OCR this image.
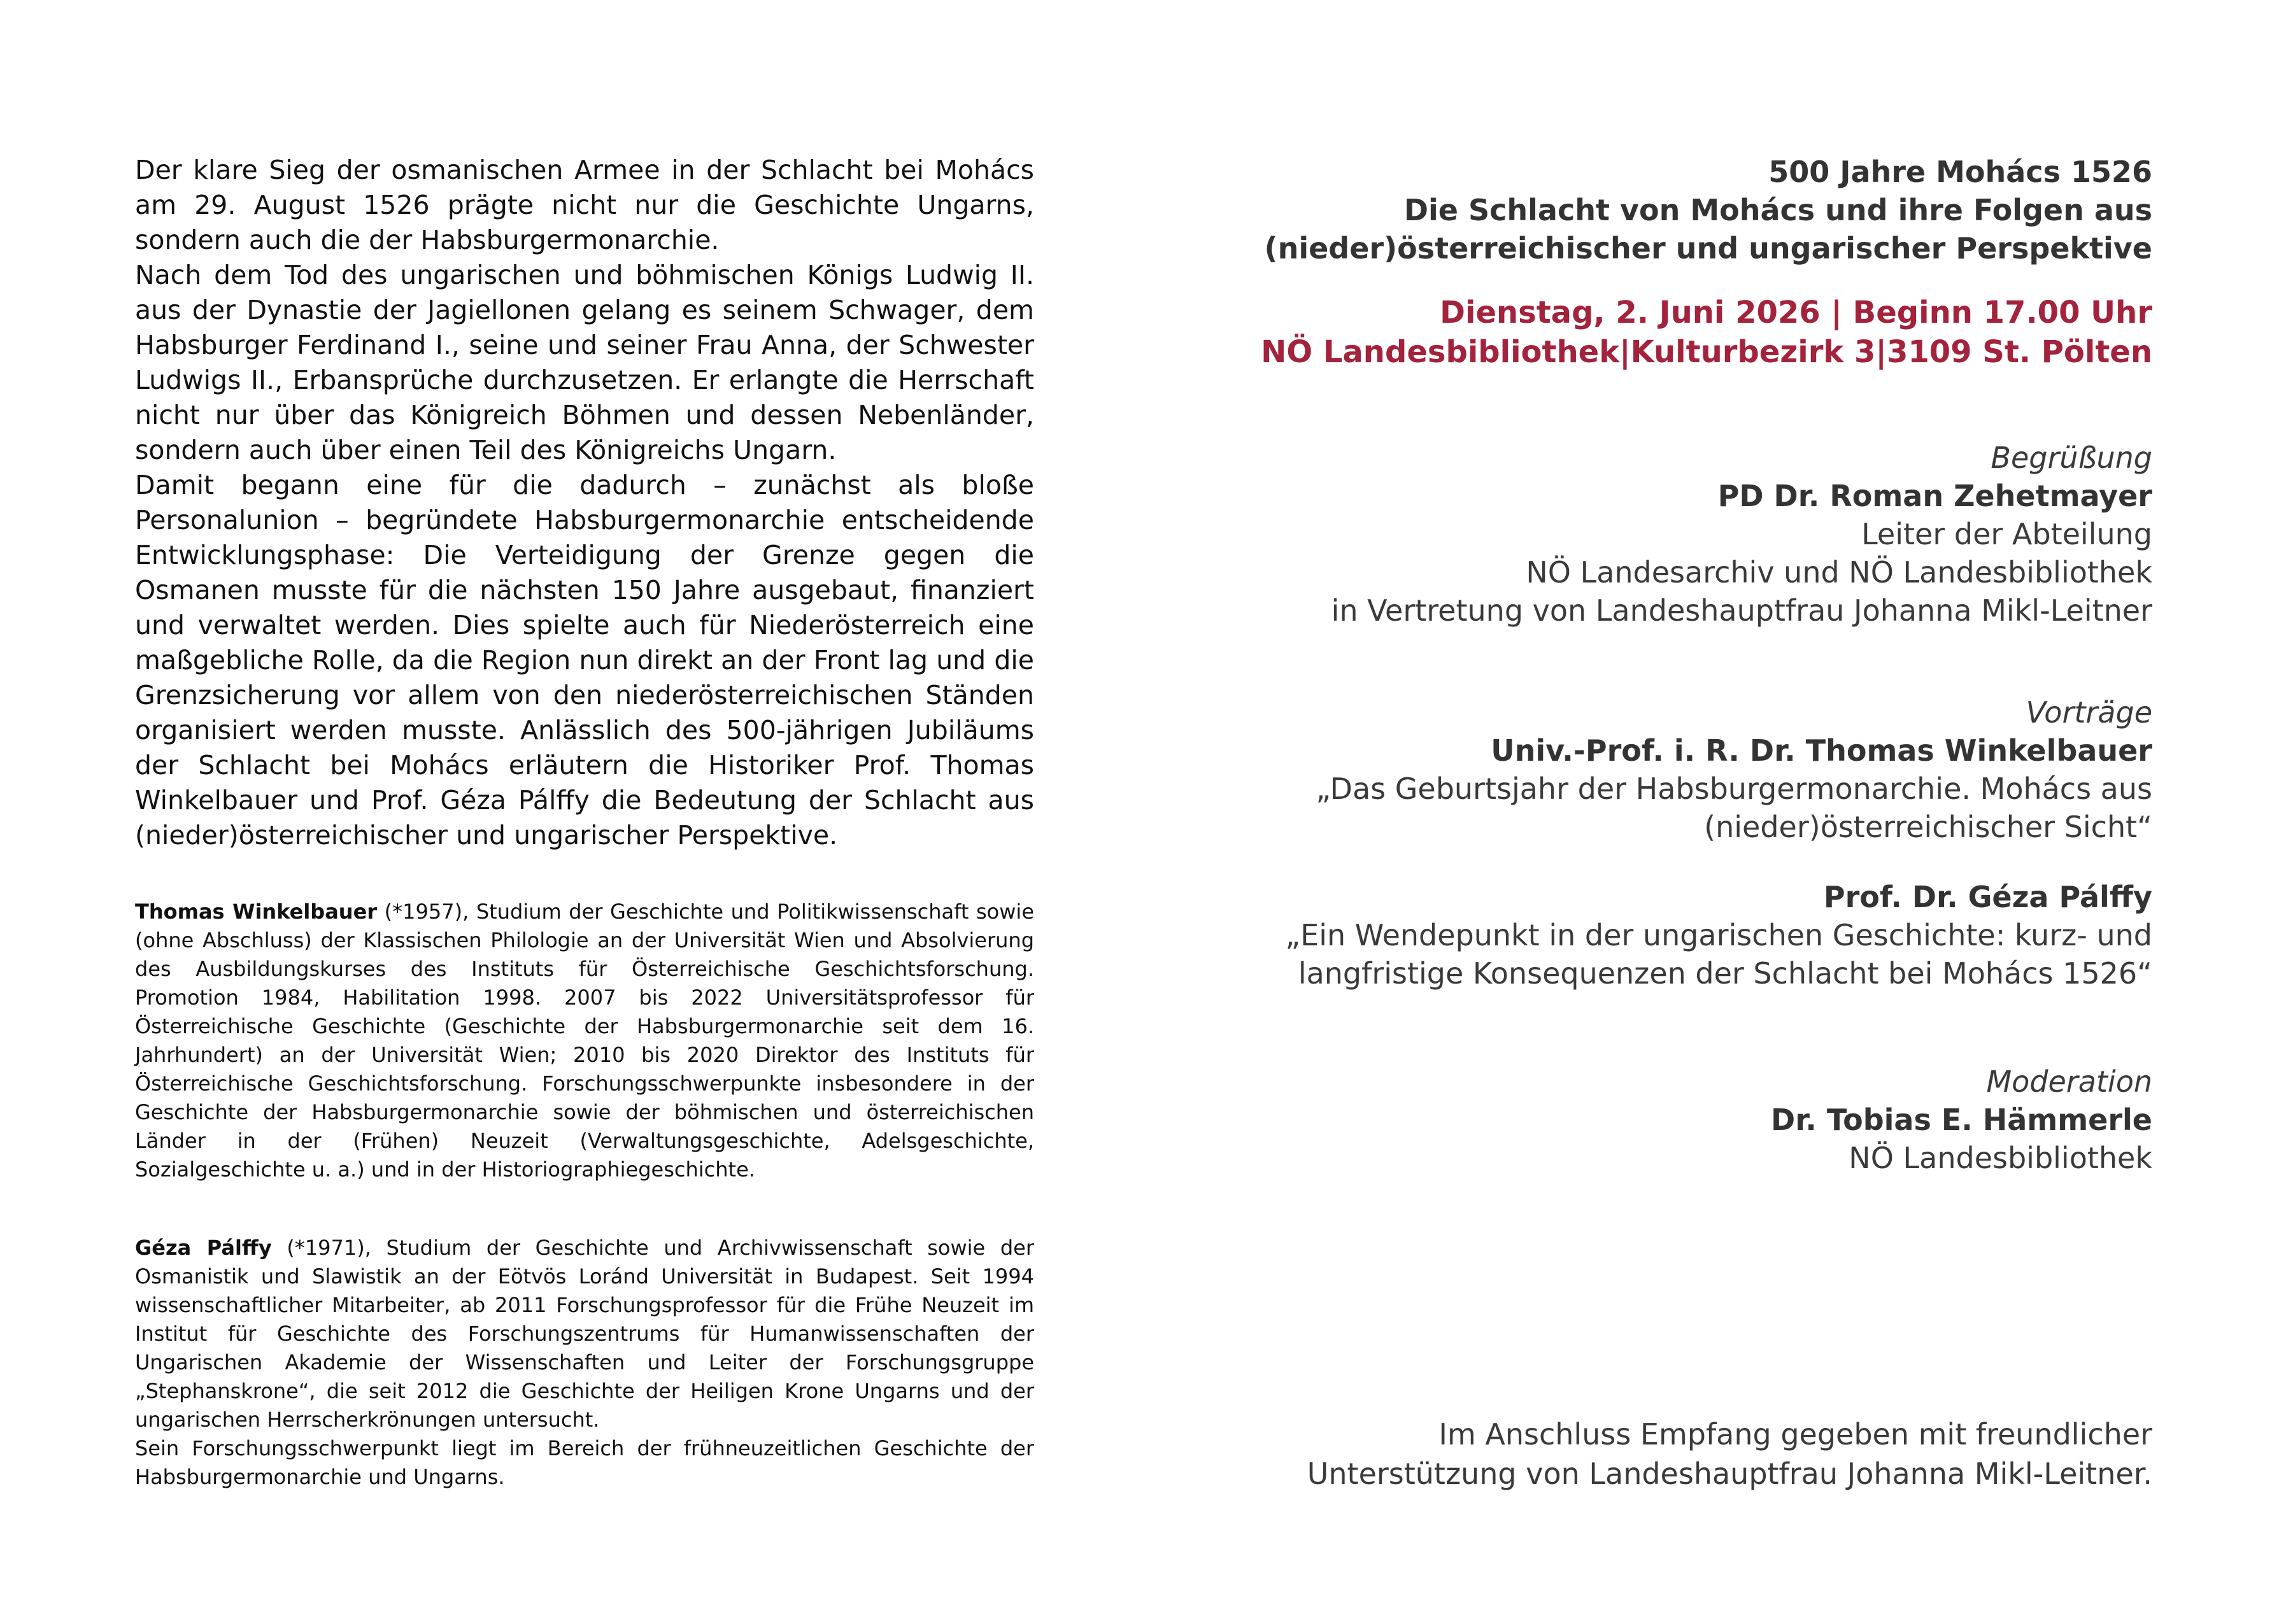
Der klare Sieg der osmanischen Armee in der Schlacht bei Mohács am 29. August 1526 prägte nicht nur die Geschichte Ungarns, sondern auch die der Habsburgermonarchie.

Nach dem Tod des ungarischen und böhmischen Königs Ludwig II. aus der Dynastie der Jagiellonen gelang es seinem Schwager, dem Habsburger Ferdinand I., seine und seiner Frau Anna, der Schwester Ludwigs II., Erbansprüche durchzusetzen. Er erlangte die Herrschaft nicht nur über das Königreich Böhmen und dessen Nebenländer, sondern auch über einen Teil des Königreichs Ungarn.

Damit begann eine für die dadurch – zunächst als bloße Personalunion – begründete Habsburgermonarchie entscheidende Entwicklungsphase: Die Verteidigung der Grenze gegen die Osmanen musste für die nächsten 150 Jahre ausgebaut, finanziert und verwaltet werden. Dies spielte auch für Niederösterreich eine maßgebliche Rolle, da die Region nun direkt an der Front lag und die Grenzsicherung vor allem von den niederösterreichischen Ständen organisiert werden musste. Anlässlich des 500-jährigen Jubiläums der Schlacht bei Mohács erläutern die Historiker Prof. Thomas Winkelbauer und Prof. Géza Pálffy die Bedeutung der Schlacht aus (nieder)österreichischer und ungarischer Perspektive.

Thomas Winkelbauer (*1957), Studium der Geschichte und Politikwissenschaft sowie (ohne Abschluss) der Klassischen Philologie an der Universität Wien und Absolvierung des Ausbildungskurses des Instituts für Österreichische Geschichtsforschung. Promotion 1984, Habilitation 1998. 2007 bis 2022 Universitätsprofessor für Österreichische Geschichte (Geschichte der Habsburgermonarchie seit dem 16. Jahrhundert) an der Universität Wien; 2010 bis 2020 Direktor des Instituts für Österreichische Geschichtsforschung. Forschungsschwerpunkte insbesondere in der Geschichte der Habsburgermonarchie sowie der böhmischen und österreichischen Länder in der (Frühen) Neuzeit (Verwaltungsgeschichte, Adelsgeschichte, Sozialgeschichte u. a.) und in der Historiographiegeschichte.

Géza Pálffy (*1971), Studium der Geschichte und Archivwissenschaft sowie der Osmanistik und Slawistik an der Eötvös Loránd Universität in Budapest. Seit 1994 wissenschaftlicher Mitarbeiter, ab 2011 Forschungsprofessor für die Frühe Neuzeit im Institut für Geschichte des Forschungszentrums für Humanwissenschaften der Ungarischen Akademie der Wissenschaften und Leiter der Forschungsgruppe „Stephanskrone“, die seit 2012 die Geschichte der Heiligen Krone Ungarns und der ungarischen Herrscherkrönungen untersucht.
Sein Forschungsschwerpunkt liegt im Bereich der frühneuzeitlichen Geschichte der Habsburgermonarchie und Ungarns.

500 Jahre Mohács 1526
Die Schlacht von Mohács und ihre Folgen aus
(nieder)österreichischer und ungarischer Perspektive
Dienstag, 2. Juni 2026 | Beginn 17.00 Uhr
NÖ Landesbibliothek|Kulturbezirk 3|3109 St. Pölten
Begrüßung
PD Dr. Roman Zehetmayer
Leiter der Abteilung
NÖ Landesarchiv und NÖ Landesbibliothek
in Vertretung von Landeshauptfrau Johanna Mikl-Leitner
Vorträge
Univ.-Prof. i. R. Dr. Thomas Winkelbauer
„Das Geburtsjahr der Habsburgermonarchie. Mohács aus
(nieder)österreichischer Sicht“
Prof. Dr. Géza Pálffy
„Ein Wendepunkt in der ungarischen Geschichte: kurz- und
langfristige Konsequenzen der Schlacht bei Mohács 1526“
Moderation
Dr. Tobias E. Hämmerle
NÖ Landesbibliothek
Im Anschluss Empfang gegeben mit freundlicher
Unterstützung von Landeshauptfrau Johanna Mikl-Leitner.
